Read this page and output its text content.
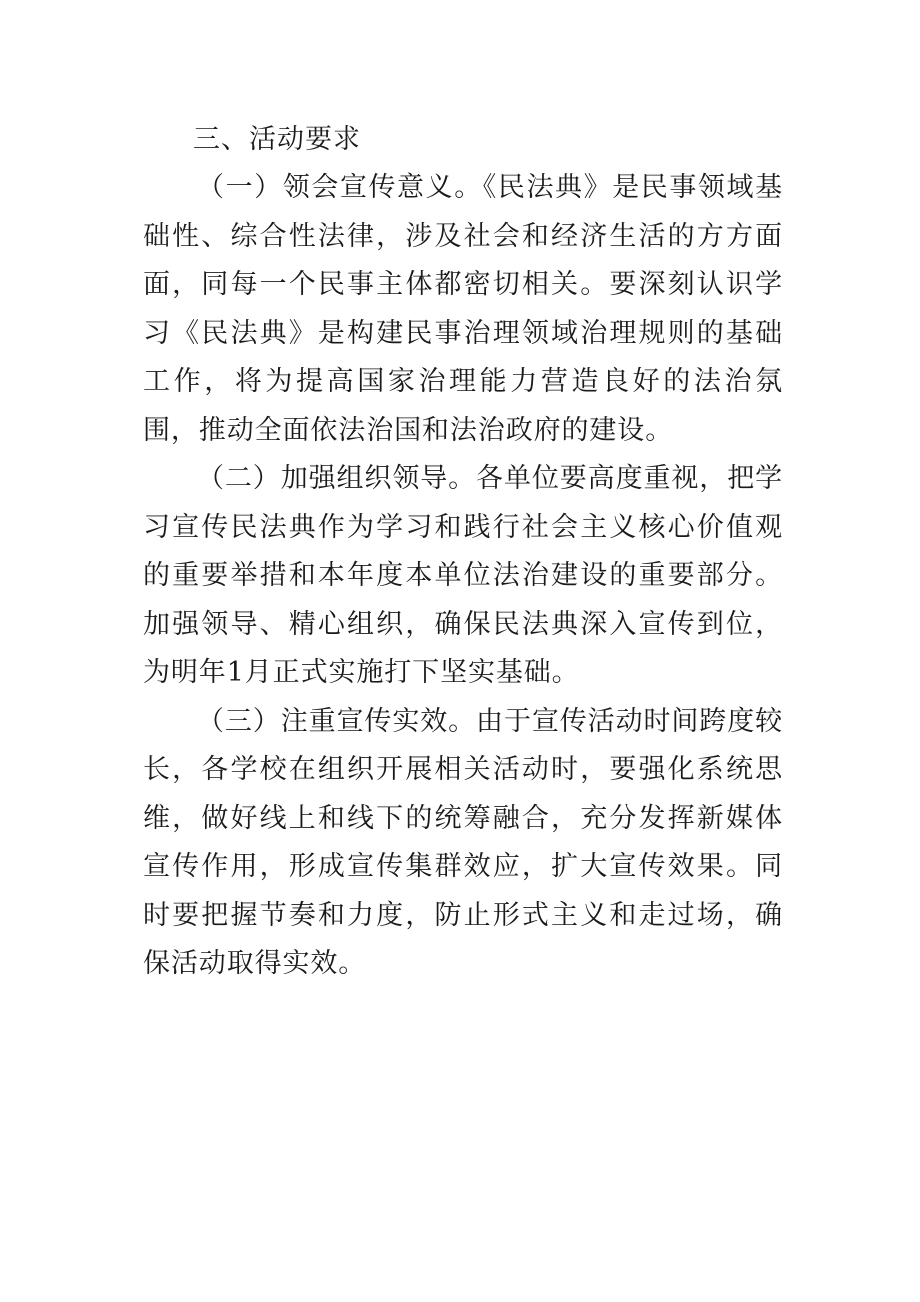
三、活动要求

（一）领会宣传意义。《民法典》是民事领域基础性、综合性法律，涉及社会和经济生活的方方面面，同每一个民事主体都密切相关。要深刻认识学习《民法典》是构建民事治理领域治理规则的基础工作，将为提高国家治理能力营造良好的法治氛围，推动全面依法治国和法治政府的建设。

（二）加强组织领导。各单位要高度重视，把学习宣传民法典作为学习和践行社会主义核心价值观的重要举措和本年度本单位法治建设的重要部分。加强领导、精心组织，确保民法典深入宣传到位，为明年1月正式实施打下坚实基础。

（三）注重宣传实效。由于宣传活动时间跨度较长，各学校在组织开展相关活动时，要强化系统思维，做好线上和线下的统筹融合，充分发挥新媒体宣传作用，形成宣传集群效应，扩大宣传效果。同时要把握节奏和力度，防止形式主义和走过场，确保活动取得实效。
